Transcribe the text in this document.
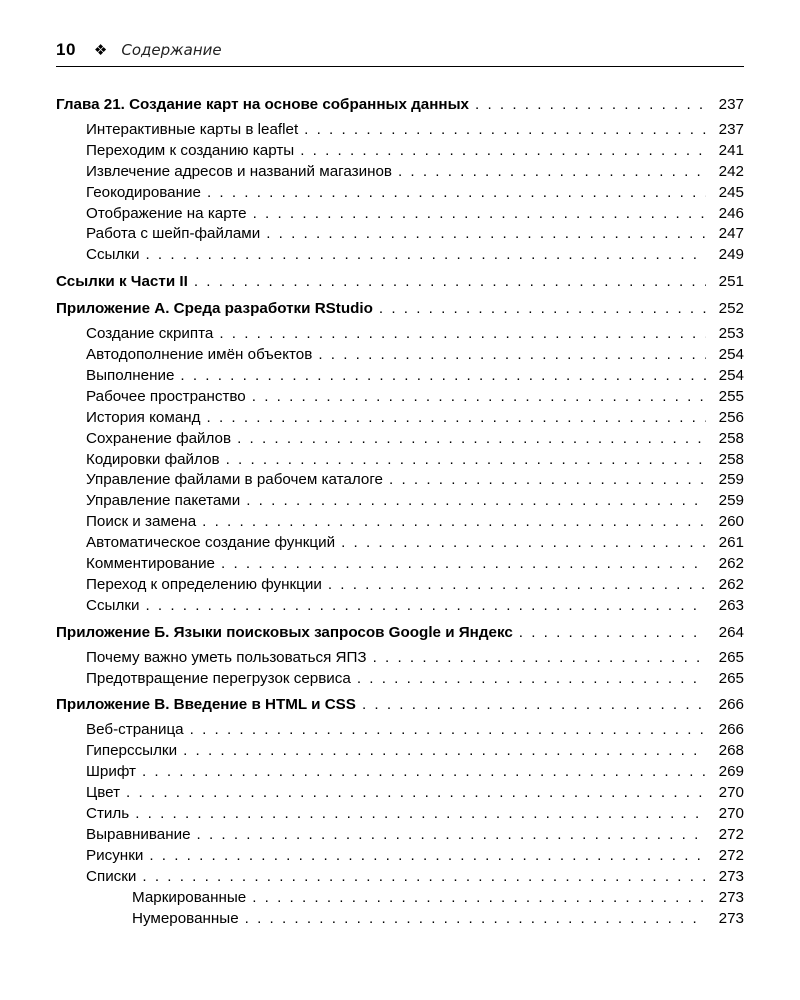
10 ❖ Содержание
Глава 21. Создание карт на основе собранных данных . . .	237
Интерактивные карты в leaflet . . .	237
Переходим к созданию карты . . .	241
Извлечение адресов и названий магазинов . . .	242
Геокодирование . . .	245
Отображение на карте . . .	246
Работа с шейп-файлами . . .	247
Ссылки . . .	249
Ссылки к Части II . . .	251
Приложение А. Среда разработки RStudio . . .	252
Создание скрипта . . .	253
Автодополнение имён объектов . . .	254
Выполнение . . .	254
Рабочее пространство . . .	255
История команд . . .	256
Сохранение файлов . . .	258
Кодировки файлов . . .	258
Управление файлами в рабочем каталоге . . .	259
Управление пакетами . . .	259
Поиск и замена . . .	260
Автоматическое создание функций . . .	261
Комментирование . . .	262
Переход к определению функции . . .	262
Ссылки . . .	263
Приложение Б. Языки поисковых запросов Google и Яндекс . . .	264
Почему важно уметь пользоваться ЯПЗ . . .	265
Предотвращение перегрузок сервиса . . .	265
Приложение В. Введение в HTML и CSS . . .	266
Веб-страница . . .	266
Гиперссылки . . .	268
Шрифт . . .	269
Цвет . . .	270
Стиль . . .	270
Выравнивание . . .	272
Рисунки . . .	272
Списки . . .	273
Маркированные . . .	273
Нумерованные . . .	273
